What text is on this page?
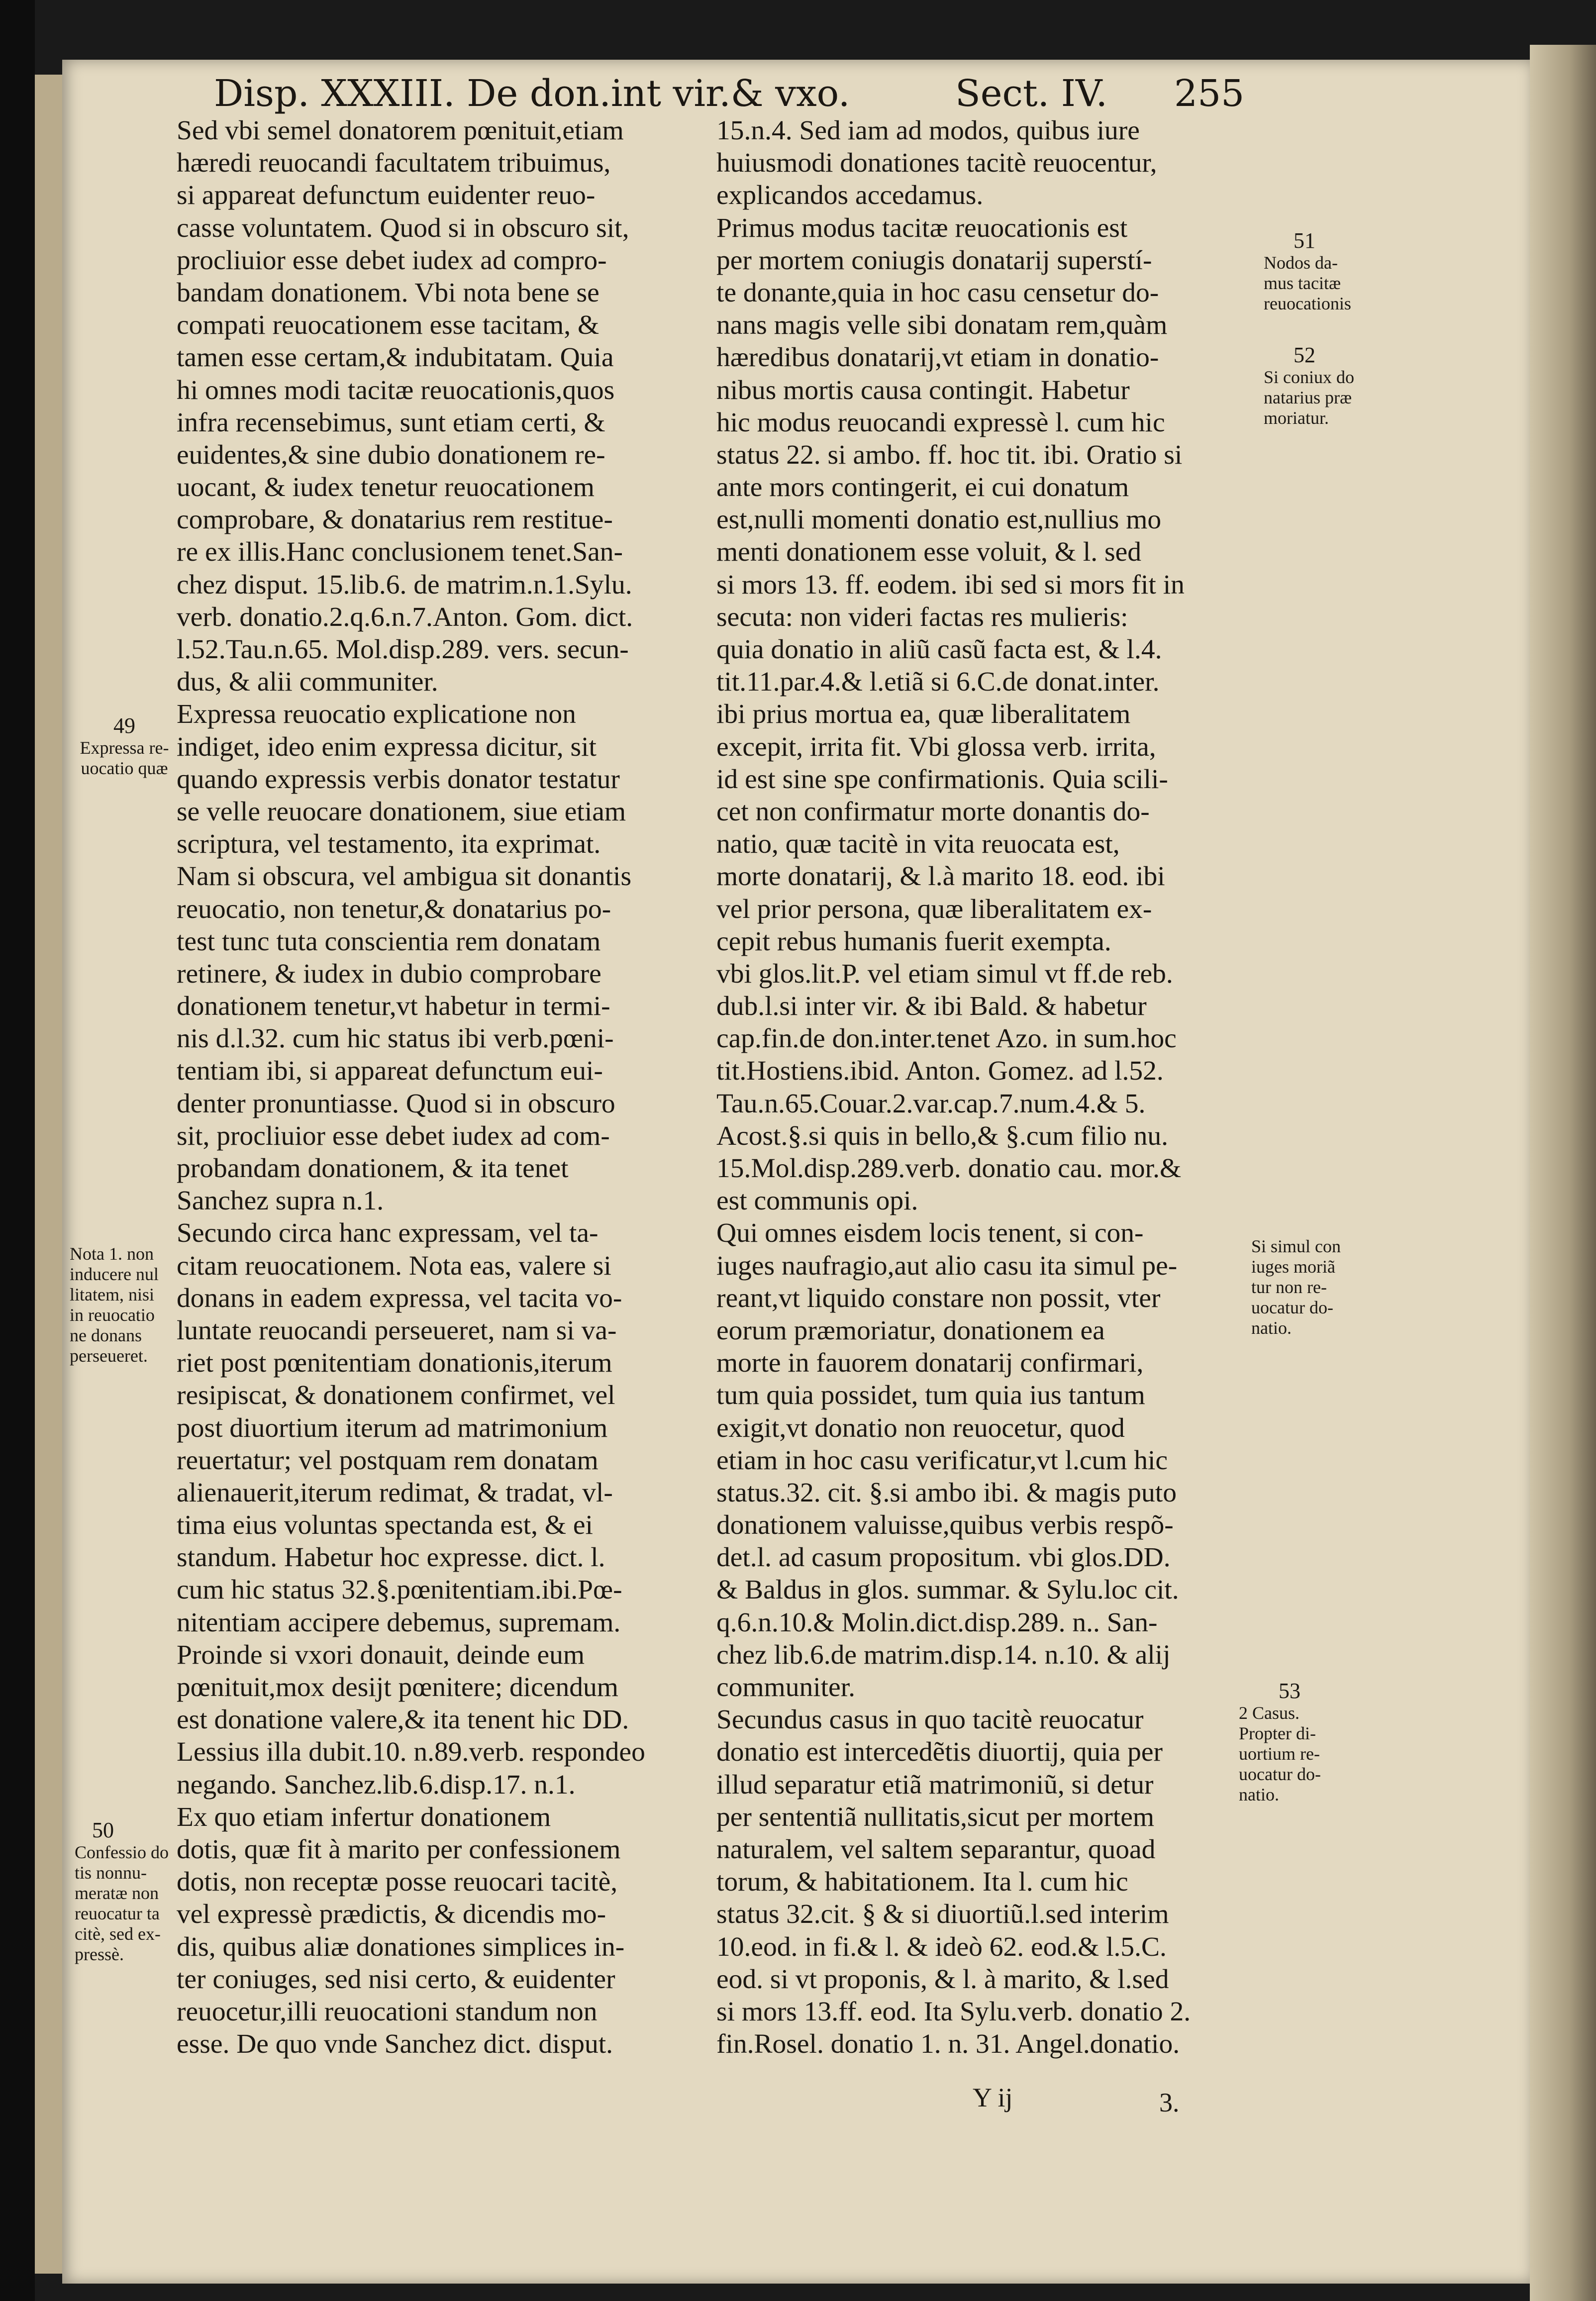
Disp. XXXIII. De don.int vir.& vxo.	Sect. IV. 255
Sed vbi semel donatorem pœnituit,etiam
hæredi reuocandi facultatem tribuimus,
si appareat defunctum euidenter reuo-
casse voluntatem. Quod si in obscuro sit,
procliuior esse debet iudex ad compro-
bandam donationem. Vbi nota bene se
compati reuocationem esse tacitam, &
tamen esse certam,& indubitatam. Quia
hi omnes modi tacitæ reuocationis,quos
infra recensebimus, sunt etiam certi, &
euidentes,& sine dubio donationem re-
uocant, & iudex tenetur reuocationem
comprobare, & donatarius rem restitue-
re ex illis.Hanc conclusionem tenet.San-
chez disput. 15.lib.6. de matrim.n.1.Sylu.
verb. donatio.2.q.6.n.7.Anton. Gom. dict.
l.52.Tau.n.65. Mol.disp.289. vers. secun-
dus, & alii communiter.
Expressa reuocatio explicatione non
indiget, ideo enim expressa dicitur, sit
quando expressis verbis donator testatur
se velle reuocare donationem, siue etiam
scriptura, vel testamento, ita exprimat.
Nam si obscura, vel ambigua sit donantis
reuocatio, non tenetur,& donatarius po-
test tunc tuta conscientia rem donatam
retinere, & iudex in dubio comprobare
donationem tenetur,vt habetur in termi-
nis d.l.32. cum hic status ibi verb.pœni-
tentiam ibi, si appareat defunctum eui-
denter pronuntiasse. Quod si in obscuro
sit, procliuior esse debet iudex ad com-
probandam donationem, & ita tenet
Sanchez supra n.1.
Secundo circa hanc expressam, vel ta-
citam reuocationem. Nota eas, valere si
donans in eadem expressa, vel tacita vo-
luntate reuocandi perseueret, nam si va-
riet post pœnitentiam donationis,iterum
resipiscat, & donationem confirmet, vel
post diuortium iterum ad matrimonium
reuertatur; vel postquam rem donatam
alienauerit,iterum redimat, & tradat, vl-
tima eius voluntas spectanda est, & ei
standum. Habetur hoc expresse. dict. l.
cum hic status 32.§.pœnitentiam.ibi.Pœ-
nitentiam accipere debemus, supremam.
Proinde si vxori donauit, deinde eum
pœnituit,mox desijt pœnitere; dicendum
est donatione valere,& ita tenent hic DD.
Lessius illa dubit.10. n.89.verb. respondeo
negando. Sanchez.lib.6.disp.17. n.1.
Ex quo etiam infertur donationem
dotis, quæ fit à marito per confessionem
dotis, non receptæ posse reuocari tacitè,
vel expressè prædictis, & dicendis mo-
dis, quibus aliæ donationes simplices in-
ter coniuges, sed nisi certo, & euidenter
reuocetur,illi reuocationi standum non
esse. De quo vnde Sanchez dict. disput.
15.n.4. Sed iam ad modos, quibus iure
huiusmodi donationes tacitè reuocentur,
explicandos accedamus.
Primus modus tacitæ reuocationis est
per mortem coniugis donatarij superstí-
te donante,quia in hoc casu censetur do-
nans magis velle sibi donatam rem,quàm
hæredibus donatarij,vt etiam in donatio-
nibus mortis causa contingit. Habetur
hic modus reuocandi expressè l. cum hic
status 22. si ambo. ff. hoc tit. ibi. Oratio si
ante mors contingerit, ei cui donatum
est,nulli momenti donatio est,nullius mo
menti donationem esse voluit, & l. sed
si mors 13. ff. eodem. ibi sed si mors fit in
secuta: non videri factas res mulieris:
quia donatio in aliũ casũ facta est, & l.4.
tit.11.par.4.& l.etiã si 6.C.de donat.inter.
ibi prius mortua ea, quæ liberalitatem
excepit, irrita fit. Vbi glossa verb. irrita,
id est sine spe confirmationis. Quia scili-
cet non confirmatur morte donantis do-
natio, quæ tacitè in vita reuocata est,
morte donatarij, & l.à marito 18. eod. ibi
vel prior persona, quæ liberalitatem ex-
cepit rebus humanis fuerit exempta.
vbi glos.lit.P. vel etiam simul vt ff.de reb.
dub.l.si inter vir. & ibi Bald. & habetur
cap.fin.de don.inter.tenet Azo. in sum.hoc
tit.Hostiens.ibid. Anton. Gomez. ad l.52.
Tau.n.65.Couar.2.var.cap.7.num.4.& 5.
Acost.§.si quis in bello,& §.cum filio nu.
15.Mol.disp.289.verb. donatio cau. mor.&
est communis opi.
Qui omnes eisdem locis tenent, si con-
iuges naufragio,aut alio casu ita simul pe-
reant,vt liquido constare non possit, vter
eorum præmoriatur, donationem ea
morte in fauorem donatarij confirmari,
tum quia possidet, tum quia ius tantum
exigit,vt donatio non reuocetur, quod
etiam in hoc casu verificatur,vt l.cum hic
status.32. cit. §.si ambo ibi. & magis puto
donationem valuisse,quibus verbis respõ-
det.l. ad casum propositum. vbi glos.DD.
& Baldus in glos. summar. & Sylu.loc cit.
q.6.n.10.& Molin.dict.disp.289. n.. San-
chez lib.6.de matrim.disp.14. n.10. & alij
communiter.
Secundus casus in quo tacitè reuocatur
donatio est intercedẽtis diuortij, quia per
illud separatur etiã matrimoniũ, si detur
per sententiã nullitatis,sicut per mortem
naturalem, vel saltem separantur, quoad
torum, & habitationem. Ita l. cum hic
status 32.cit. § & si diuortiũ.l.sed interim
10.eod. in fi.& l. & ideò 62. eod.& l.5.C.
eod. si vt proponis, & l. à marito, & l.sed
si mors 13.ff. eod. Ita Sylu.verb. donatio 2.
fin.Rosel. donatio 1. n. 31. Angel.donatio.
49
Expressa re-
uocatio quæ
Nota 1. non
inducere nul
litatem, nisi
in reuocatio
ne donans
perseueret.
50
Confessio do
tis nonnu-
meratæ non
reuocatur ta
citè, sed ex-
pressè.
51
Nodos da-
mus tacitæ
reuocationis
52
Si coniux do
natarius præ
moriatur.
Si simul con
iuges moriã
tur non re-
uocatur do-
natio.
53
2 Casus.
Propter di-
uortium re-
uocatur do-
natio.
Y ij	3.
